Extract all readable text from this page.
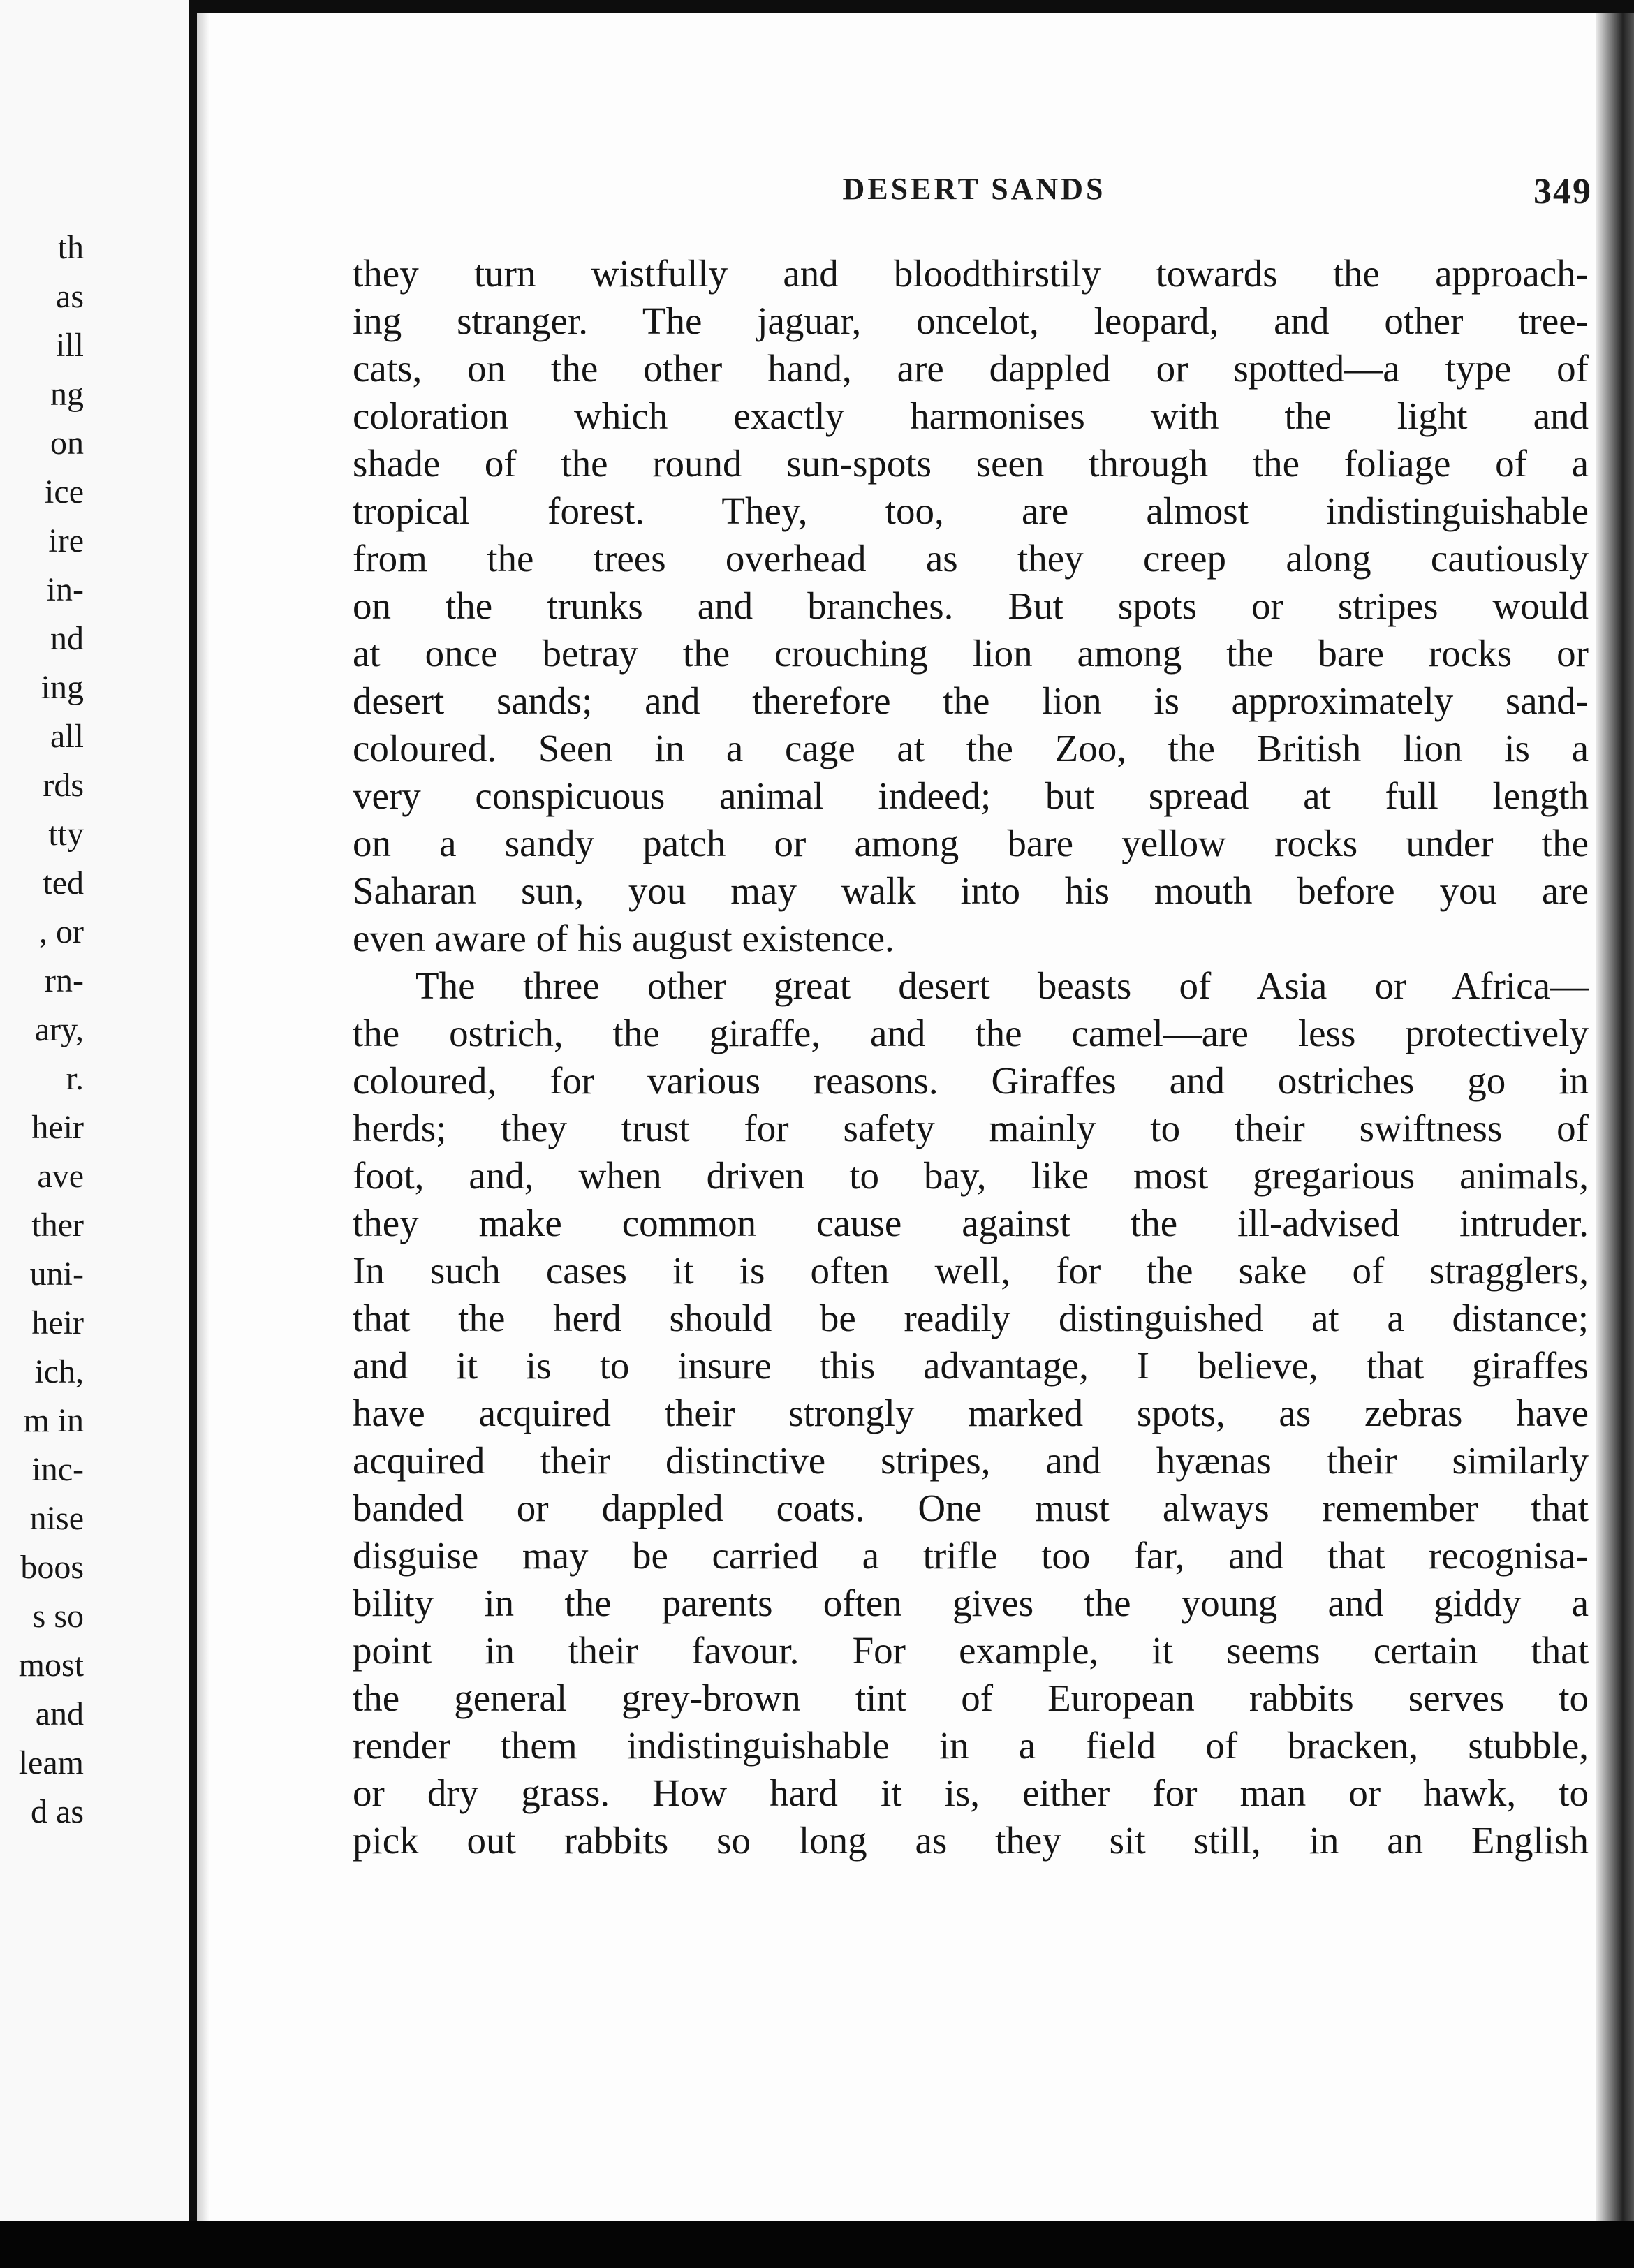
th
as
ill
ng
on
ice
ire
in-
nd
ing
all
rds
tty
ted
, or
rn-
ary,
r.
heir
ave
ther
uni-
heir
ich,
m in
inc-
nise
boos
s so
most
and
leam
d as
DESERT SANDS	349
they turn wistfully and bloodthirstily towards the approach-
ing stranger. The jaguar, oncelot, leopard, and other tree-
cats, on the other hand, are dappled or spotted—a type of
coloration which exactly harmonises with the light and
shade of the round sun-spots seen through the foliage of a
tropical forest. They, too, are almost indistinguishable
from the trees overhead as they creep along cautiously
on the trunks and branches. But spots or stripes would
at once betray the crouching lion among the bare rocks or
desert sands; and therefore the lion is approximately sand-
coloured. Seen in a cage at the Zoo, the British lion is a
very conspicuous animal indeed; but spread at full length
on a sandy patch or among bare yellow rocks under the
Saharan sun, you may walk into his mouth before you are
even aware of his august existence.
The three other great desert beasts of Asia or Africa—
the ostrich, the giraffe, and the camel—are less protectively
coloured, for various reasons. Giraffes and ostriches go in
herds; they trust for safety mainly to their swiftness of
foot, and, when driven to bay, like most gregarious animals,
they make common cause against the ill-advised intruder.
In such cases it is often well, for the sake of stragglers,
that the herd should be readily distinguished at a distance;
and it is to insure this advantage, I believe, that giraffes
have acquired their strongly marked spots, as zebras have
acquired their distinctive stripes, and hyænas their similarly
banded or dappled coats. One must always remember that
disguise may be carried a trifle too far, and that recognisa-
bility in the parents often gives the young and giddy a
point in their favour. For example, it seems certain that
the general grey-brown tint of European rabbits serves to
render them indistinguishable in a field of bracken, stubble,
or dry grass. How hard it is, either for man or hawk, to
pick out rabbits so long as they sit still, in an English
